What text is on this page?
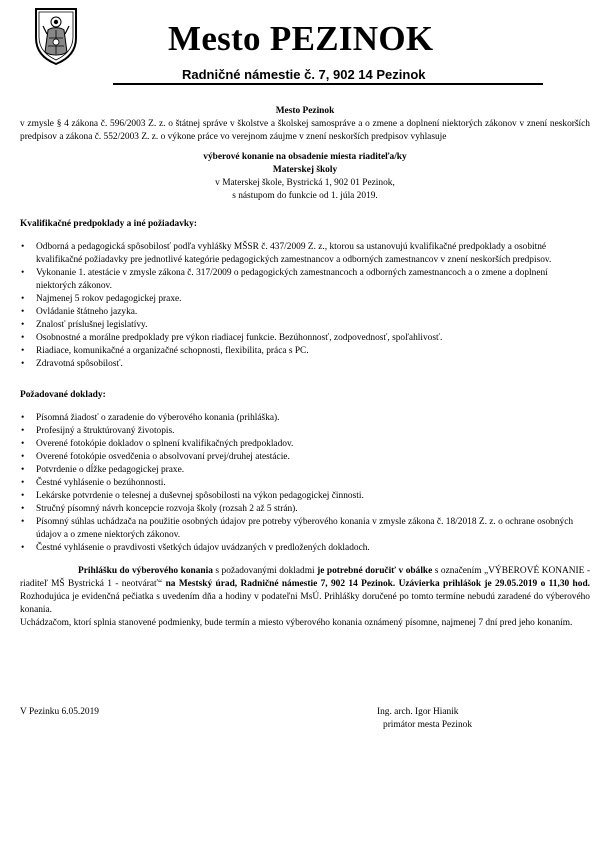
Mesto PEZINOK
Radničné námestie č. 7, 902 14 Pezinok

Mesto Pezinok

v zmysle § 4 zákona č. 596/2003 Z. z. o štátnej správe v školstve a školskej samospráve a o zmene a doplnení niektorých zákonov v znení neskorších predpisov a zákona č. 552/2003 Z. z. o výkone práce vo verejnom záujme v znení neskorších predpisov vyhlasuje

výberové konanie na obsadenie miesta riaditeľa/ky

Materskej školy

v Materskej škole, Bystrická 1, 902 01 Pezinok,

s nástupom do funkcie od 1. júla 2019.

Kvalifikačné predpoklady a iné požiadavky:

• Odborná a pedagogická spôsobilosť podľa vyhlášky MŠSR č. 437/2009 Z. z., ktorou sa ustanovujú kvalifikačné predpoklady a osobitné kvalifikačné požiadavky pre jednotlivé kategórie pedagogických zamestnancov a odborných zamestnancov v znení neskorších predpisov.
• Vykonanie 1. atestácie v zmysle zákona č. 317/2009 o pedagogických zamestnancoch a odborných zamestnancoch a o zmene a doplnení niektorých zákonov.
• Najmenej 5 rokov pedagogickej praxe.
• Ovládanie štátneho jazyka.
• Znalosť príslušnej legislatívy.
• Osobnostné a morálne predpoklady pre výkon riadiacej funkcie. Bezúhonnosť, zodpovednosť, spoľahlivosť.
• Riadiace, komunikačné a organizačné schopnosti, flexibilita, práca s PC.
• Zdravotná spôsobilosť.

Požadované doklady:

• Písomná žiadosť o zaradenie do výberového konania (prihláška).
• Profesijný a štruktúrovaný životopis.
• Overené fotokópie dokladov o splnení kvalifikačných predpokladov.
• Overené fotokópie osvedčenia o absolvovaní prvej/druhej atestácie.
• Potvrdenie o dĺžke pedagogickej praxe.
• Čestné vyhlásenie o bezúhonnosti.
• Lekárske potvrdenie o telesnej a duševnej spôsobilosti na výkon pedagogickej činnosti.
• Stručný písomný návrh koncepcie rozvoja školy (rozsah 2 až 5 strán).
• Písomný súhlas uchádzača na použitie osobných údajov pre potreby výberového konania v zmysle zákona č. 18/2018 Z. z. o ochrane osobných údajov a o zmene niektorých zákonov.
• Čestné vyhlásenie o pravdivosti všetkých údajov uvádzaných v predložených dokladoch.

Prihlášku do výberového konania s požadovanými dokladmi je potrebné doručiť v obálke s označením „VÝBEROVÉ KONANIE - riaditeľ MŠ Bystrická 1 - neotvárať“ na Mestský úrad, Radničné námestie 7, 902 14 Pezinok. Uzávierka prihlášok je 29.05.2019 o 11,30 hod. Rozhodujúca je evidenčná pečiatka s uvedením dňa a hodiny v podateľni MsÚ. Prihlášky doručené po tomto termíne nebudú zaradené do výberového konania.

Uchádzačom, ktorí splnia stanovené podmienky, bude termín a miesto výberového konania oznámený písomne, najmenej 7 dní pred jeho konaním.

V Pezinku 6.05.2019	Ing. arch. Igor Hianik
primátor mesta Pezinok
